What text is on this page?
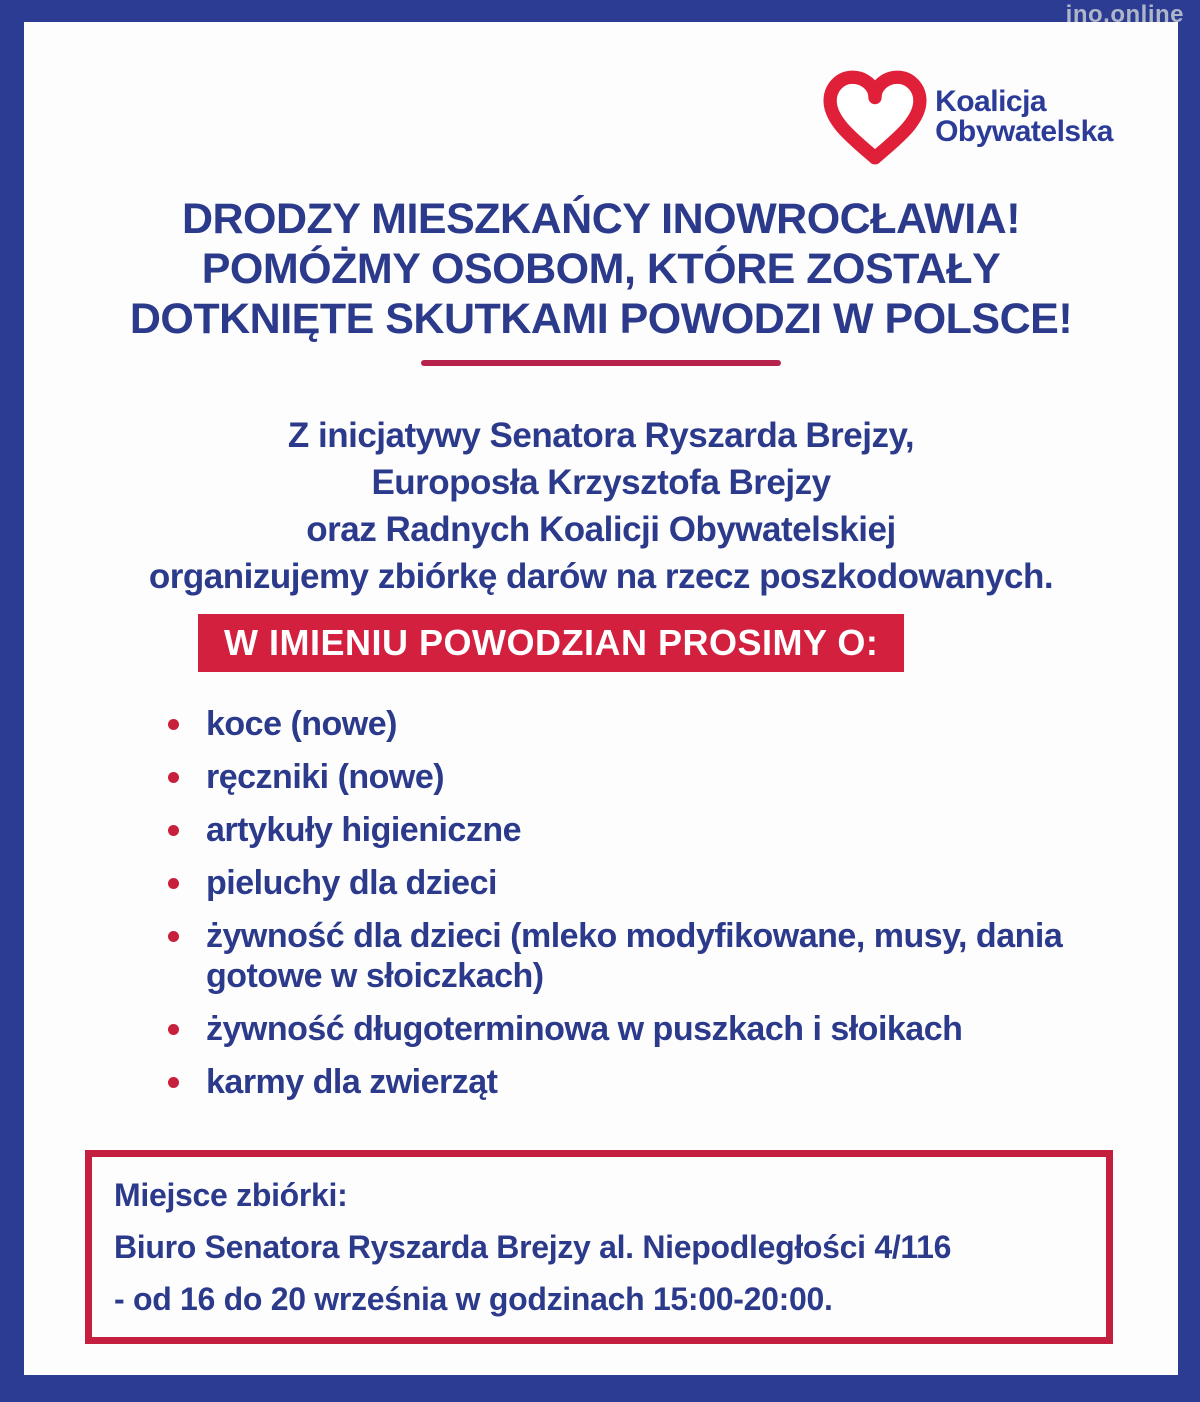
ino.online
Koalicja
Obywatelska
DRODZY MIESZKAŃCY INOWROCŁAWIA!
POMÓŻMY OSOBOM, KTÓRE ZOSTAŁY
DOTKNIĘTE SKUTKAMI POWODZI W POLSCE!
Z inicjatywy Senatora Ryszarda Brejzy,
Europosła Krzysztofa Brejzy
oraz Radnych Koalicji Obywatelskiej
organizujemy zbiórkę darów na rzecz poszkodowanych.
W IMIENIU POWODZIAN PROSIMY O:
koce (nowe)
ręczniki (nowe)
artykuły higieniczne
pieluchy dla dzieci
żywność dla dzieci (mleko modyfikowane, musy, dania gotowe w słoiczkach)
żywność długoterminowa w puszkach i słoikach
karmy dla zwierząt
Miejsce zbiórki:
Biuro Senatora Ryszarda Brejzy al. Niepodległości 4/116
- od 16 do 20 września w godzinach 15:00-20:00.
